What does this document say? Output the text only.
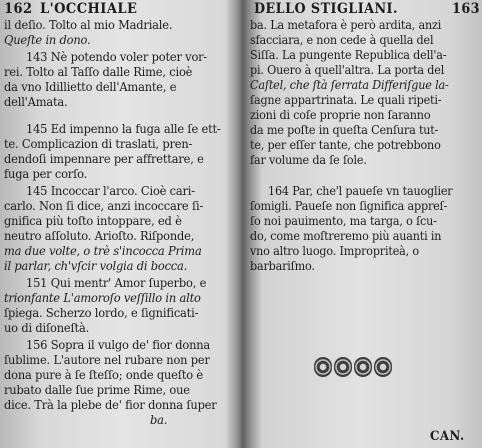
162 L'OCCHIALE
il deſio. Tolto al mio Madriale.
Queſte in dono.
143 Nè potendo voler poter vor-
rei. Tolto al Taſſo dalle Rime, cioè
da vno Idillietto dell'Amante, e
dell'Amata.
145 Ed impenno la fuga alle ſe ett-
te. Complicazion di traslati, pren-
dendoſi impennare per affrettare, e
fuga per corſo.
145 Incoccar l'arco. Cioè cari-
carlo. Non ſi dice, anzi incoccare ſi-
gnifica più toſto intoppare, ed è
neutro aſſoluto. Arioſto. Riſponde,
ma due volte, o trè s'incocca Prima
il parlar, ch'vſcir volgia di bocca.
151 Qui mentr' Amor ſuperbo, e
trionfante L'amoroſo veſſillo in alto
ſpiega. Scherzo lordo, e ſignificati-
uo di diſoneſtà.
156 Sopra il vulgo de' fior donna
ſublime. L'autore nel rubare non per
dona pure à ſe ſteſſo; onde queſto è
rubato dalle ſue prime Rime, oue
dice. Trà la plebe de' fior donna ſuper
ba.
DELLO STIGLIANI.	163
ba. La metafora è però ardita, anzi
sfacciara, e non cede à quella del
Siſſa. La pungente Republica dell'a-
pi. Ouero à quell'altra. La porta del
Caſtel, che ſtà ſerrata Differiſgue la-
ſagne appartrinata. Le quali ripeti-
zioni di coſe proprie non ſaranno
da me poſte in queſta Cenſura tut-
te, per eſſer tante, che potrebbono
far volume da ſe ſole.
164 Par, che'l paueſe vn tauoglier
ſomigli. Paueſe non ſignifica appreſ-
ſo noi pauimento, ma targa, o ſcu-
do, come moſtreremo più auanti in
vno altro luogo. Impropriteà, o
barbariſmo.
CAN.
